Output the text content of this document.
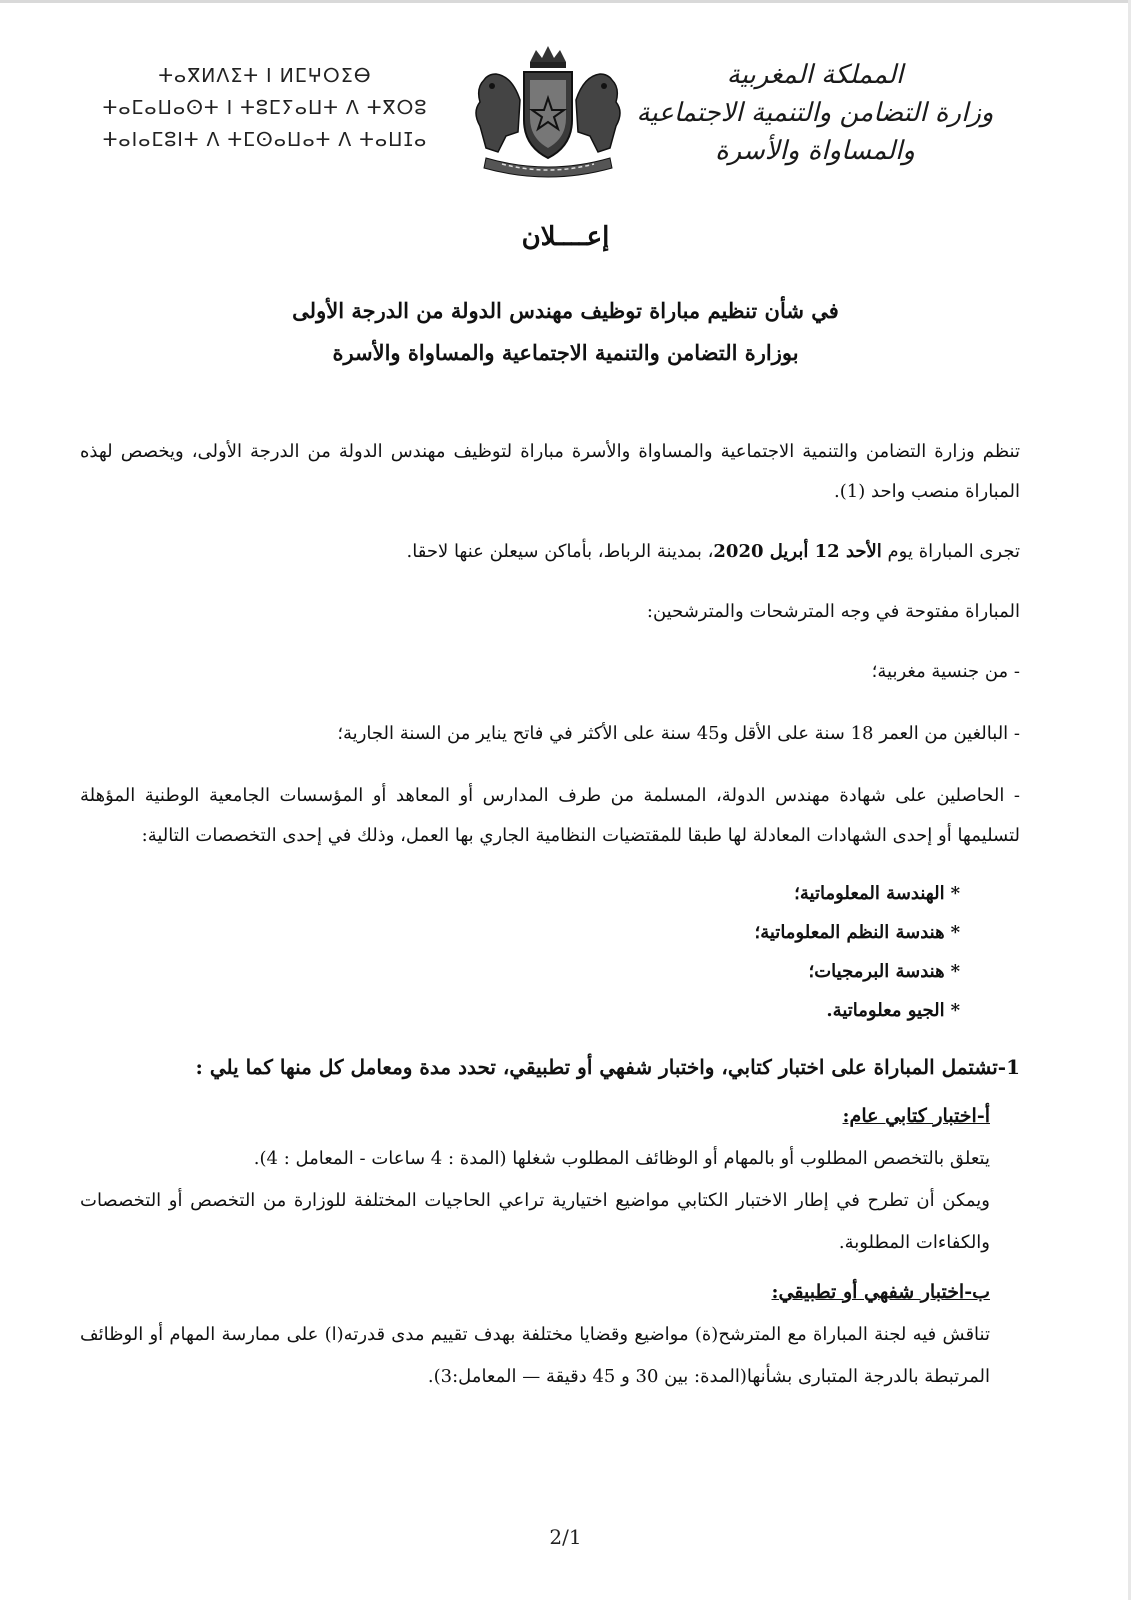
ⵜⴰⴳⵍⴷⵉⵜ ⵏ ⵍⵎⵖⵔⵉⴱ
ⵜⴰⵎⴰⵡⴰⵙⵜ ⵏ ⵜⵓⵎⵢⴰⵡⵜ ⴷ ⵜⴳⵔⵓ
ⵜⴰⵏⴰⵎⵓⵏⵜ ⴷ ⵜⵎⵙⴰⵡⴰⵜ ⴷ ⵜⴰⵡⵊⴰ
المملكة المغربية
وزارة التضامن والتنمية الاجتماعية
والمساواة والأسرة
إعــــلان
في شأن تنظيم مباراة توظيف مهندس الدولة من الدرجة الأولى
بوزارة التضامن والتنمية الاجتماعية والمساواة والأسرة

تنظم وزارة التضامن والتنمية الاجتماعية والمساواة والأسرة مباراة لتوظيف مهندس الدولة من الدرجة الأولى، ويخصص لهذه المباراة منصب واحد (1).

تجرى المباراة يوم الأحد 12 أبريل 2020، بمدينة الرباط، بأماكن سيعلن عنها لاحقا.

المباراة مفتوحة في وجه المترشحات والمترشحين:

- من جنسية مغربية؛

- البالغين من العمر 18 سنة على الأقل و45 سنة على الأكثر في فاتح يناير من السنة الجارية؛

- الحاصلين على شهادة مهندس الدولة، المسلمة من طرف المدارس أو المعاهد أو المؤسسات الجامعية الوطنية المؤهلة لتسليمها أو إحدى الشهادات المعادلة لها طبقا للمقتضيات النظامية الجاري بها العمل، وذلك في إحدى التخصصات التالية:

*الهندسة المعلوماتية؛
*هندسة النظم المعلوماتية؛
*هندسة البرمجيات؛
*الجيو معلوماتية.

1-تشتمل المباراة على اختبار كتابي، واختبار شفهي أو تطبيقي، تحدد مدة ومعامل كل منها كما يلي :

أ-اختبار كتابي عام:

يتعلق بالتخصص المطلوب أو بالمهام أو الوظائف المطلوب شغلها (المدة : 4 ساعات - المعامل : 4).

ويمكن أن تطرح في إطار الاختبار الكتابي مواضيع اختيارية تراعي الحاجيات المختلفة للوزارة من التخصص أو التخصصات والكفاءات المطلوبة.

ب-اختبار شفهي أو تطبيقي:

تناقش فيه لجنة المباراة مع المترشح(ة) مواضيع وقضايا مختلفة بهدف تقييم مدى قدرته(ا) على ممارسة المهام أو الوظائف المرتبطة بالدرجة المتبارى بشأنها(المدة: بين 30 و 45 دقيقة — المعامل:3).

2/1
